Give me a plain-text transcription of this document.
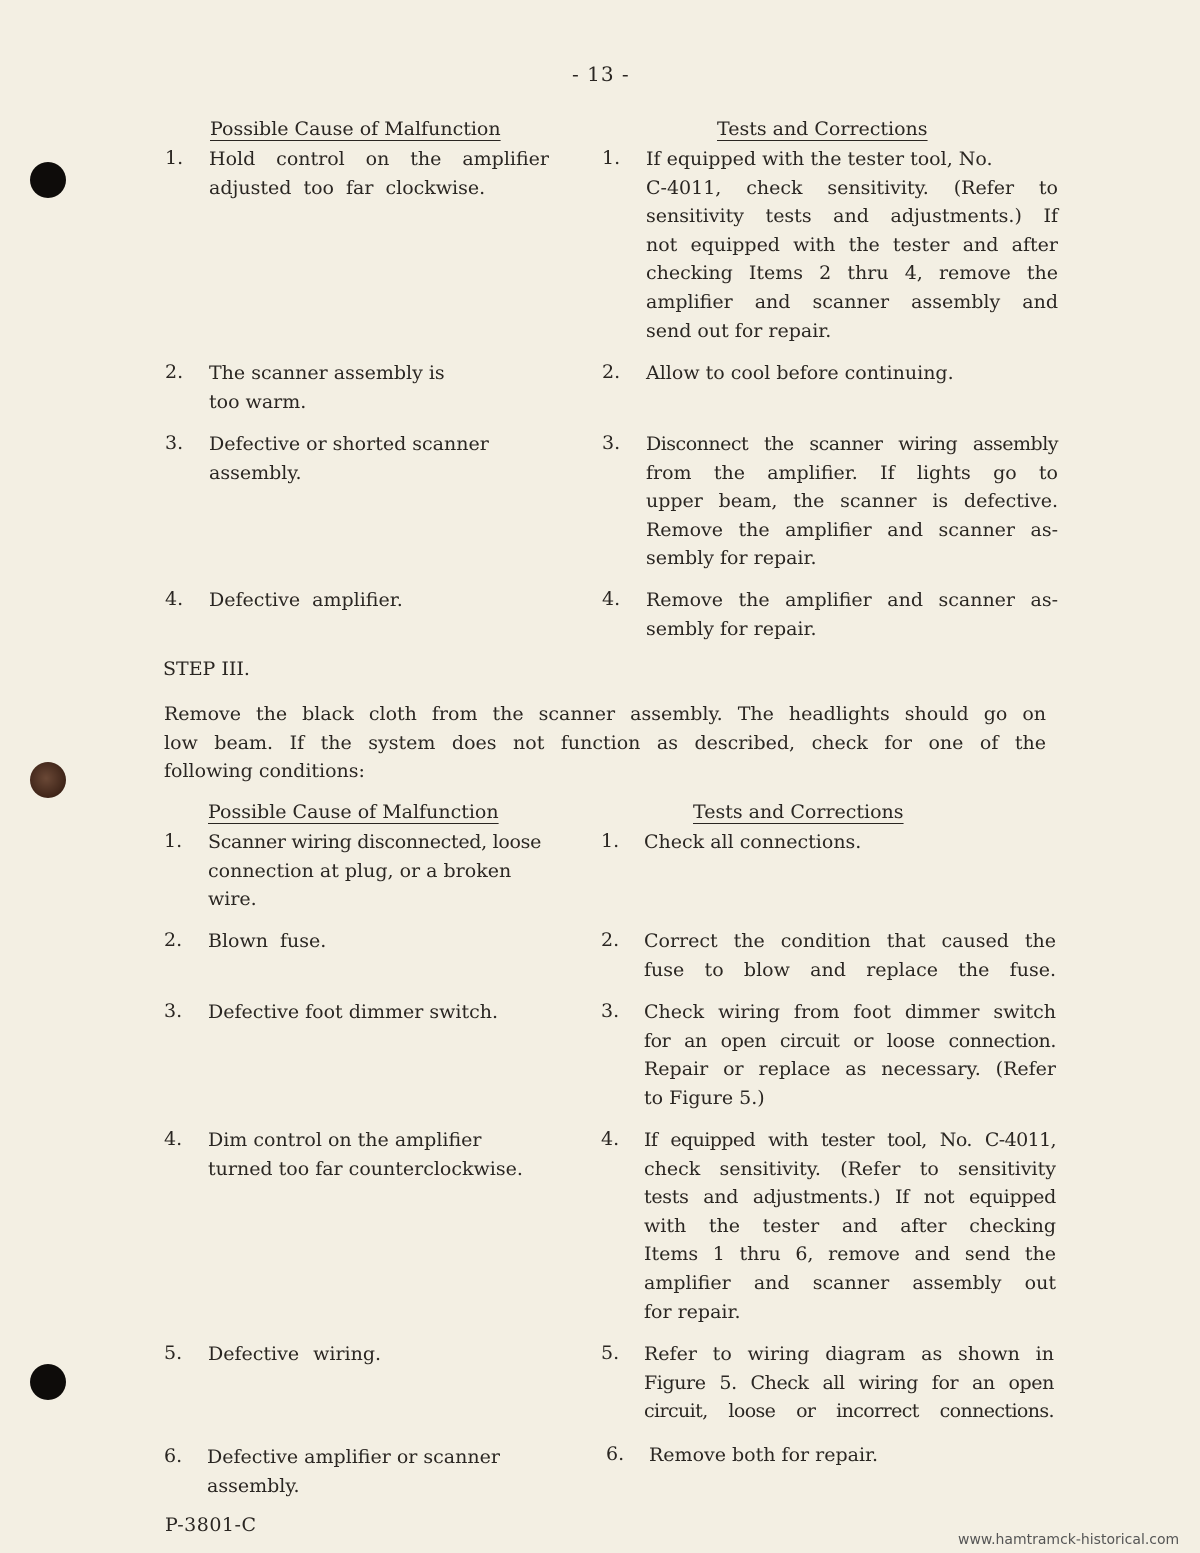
- 13 -
Possible Cause of Malfunction	Tests and Corrections
1. Hold control on the amplifier
adjusted too far clockwise.
1. If equipped with the tester tool, No.
C-4011, check sensitivity. (Refer to
sensitivity tests and adjustments.) If
not equipped with the tester and after
checking Items 2 thru 4, remove the
amplifier and scanner assembly and
send out for repair.
2. The scanner assembly is
too warm.
2. Allow to cool before continuing.
3. Defective or shorted scanner
assembly.
3. Disconnect the scanner wiring assembly
from the amplifier. If lights go to
upper beam, the scanner is defective.
Remove the amplifier and scanner as-
sembly for repair.
4. Defective amplifier.	4. Remove the amplifier and scanner as-
sembly for repair.
STEP III.
Remove the black cloth from the scanner assembly. The headlights should go on
low beam. If the system does not function as described, check for one of the
following conditions:
Possible Cause of Malfunction	Tests and Corrections
1. Scanner wiring disconnected, loose
connection at plug, or a broken
wire.
1. Check all connections.
2. Blown fuse.	2. Correct the condition that caused the
fuse to blow and replace the fuse.
3. Defective foot dimmer switch.	3. Check wiring from foot dimmer switch
for an open circuit or loose connection.
Repair or replace as necessary. (Refer
to Figure 5.)
4. Dim control on the amplifier
turned too far counterclockwise.
4. If equipped with tester tool, No. C-4011,
check sensitivity. (Refer to sensitivity
tests and adjustments.) If not equipped
with the tester and after checking
Items 1 thru 6, remove and send the
amplifier and scanner assembly out
for repair.
5. Defective wiring.	5. Refer to wiring diagram as shown in
Figure 5. Check all wiring for an open
circuit, loose or incorrect connections.
6. Defective amplifier or scanner
assembly.
6. Remove both for repair.
P-3801-C
www.hamtramck-historical.com
